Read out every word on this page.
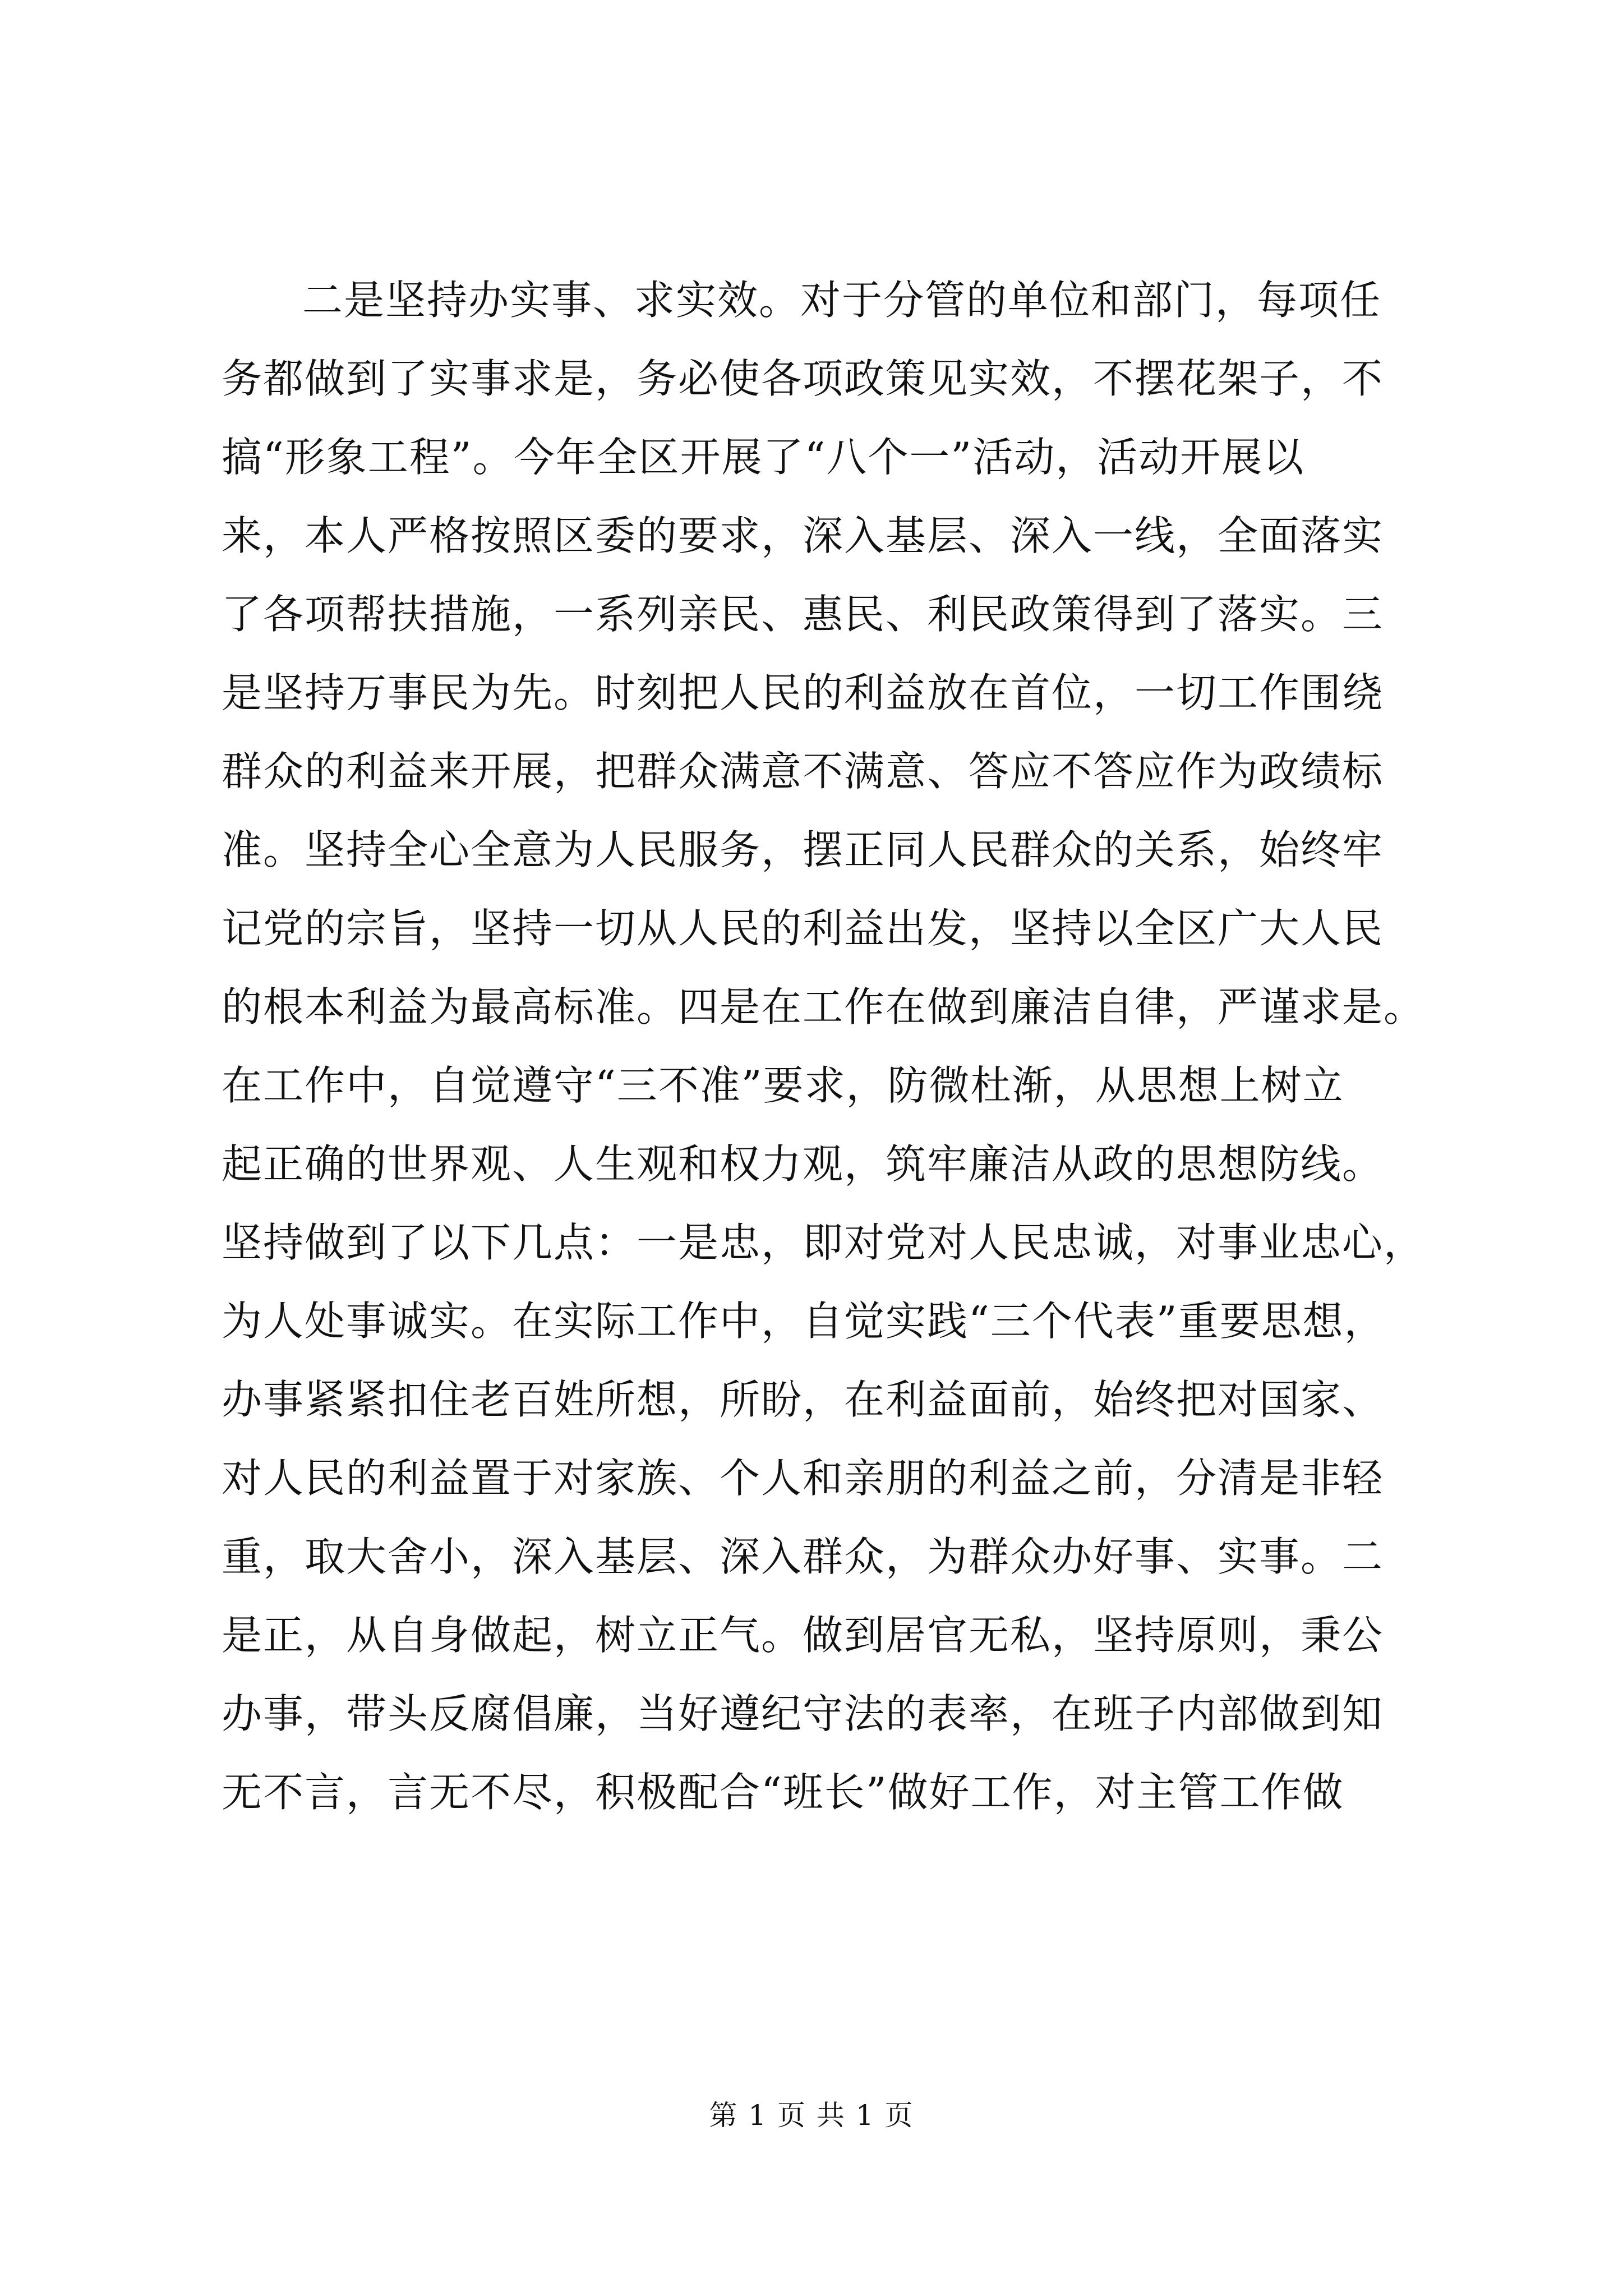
二是坚持办实事、求实效。对于分管的单位和部门，每项任
务都做到了实事求是，务必使各项政策见实效，不摆花架子，不
搞“形象工程”。今年全区开展了“八个一”活动，活动开展以
来，本人严格按照区委的要求，深入基层、深入一线，全面落实
了各项帮扶措施，一系列亲民、惠民、利民政策得到了落实。三
是坚持万事民为先。时刻把人民的利益放在首位，一切工作围绕
群众的利益来开展，把群众满意不满意、答应不答应作为政绩标
准。坚持全心全意为人民服务，摆正同人民群众的关系，始终牢
记党的宗旨，坚持一切从人民的利益出发，坚持以全区广大人民
的根本利益为最高标准。四是在工作在做到廉洁自律，严谨求是。
在工作中，自觉遵守“三不准”要求，防微杜渐，从思想上树立
起正确的世界观、人生观和权力观，筑牢廉洁从政的思想防线。
坚持做到了以下几点：一是忠，即对党对人民忠诚，对事业忠心，
为人处事诚实。在实际工作中，自觉实践“三个代表”重要思想，
办事紧紧扣住老百姓所想，所盼，在利益面前，始终把对国家、
对人民的利益置于对家族、个人和亲朋的利益之前，分清是非轻
重，取大舍小，深入基层、深入群众，为群众办好事、实事。二
是正，从自身做起，树立正气。做到居官无私，坚持原则，秉公
办事，带头反腐倡廉，当好遵纪守法的表率，在班子内部做到知
无不言，言无不尽，积极配合“班长”做好工作，对主管工作做
第 1 页 共 1 页
